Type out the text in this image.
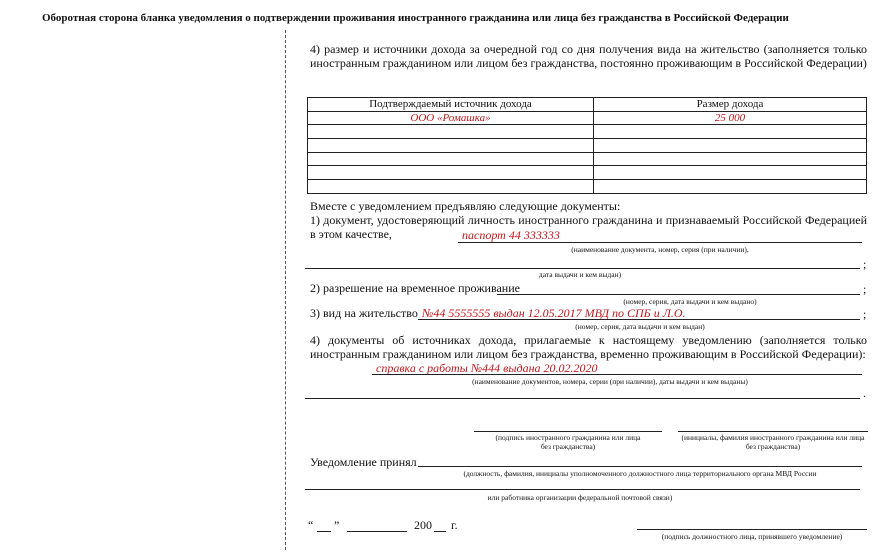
Оборотная сторона бланка уведомления о подтверждении проживания иностранного гражданина или лица без гражданства в Российской Федерации
4) размер и источники дохода за очередной год со дня получения вида на жительство (заполняется только иностранным гражданином или лицом без гражданства, постоянно проживающим в Российской Федерации)
Подтверждаемый источник дохода	Размер дохода
ООО «Ромашка»	25 000

Вместе с уведомлением предъявляю следующие документы:
1) документ, удостоверяющий личность иностранного гражданина и признаваемый Российской Федерацией в этом качестве,	паспорт 44 333333
(наименование документа, номер, серия (при наличии),
;
дата выдачи и кем выдан)
2) разрешение на временное проживание	;
(номер, серия, дата выдачи и кем выдано)
3) вид на жительство №44 5555555 выдан 12.05.2017 МВД по СПБ и Л.О.	;
(номер, серия, дата выдачи и кем выдан)
4) документы об источниках дохода, прилагаемые к настоящему уведомлению (заполняется только иностранным гражданином или лицом без гражданства, временно проживающим в Российской Федерации):
справка с работы №444 выдана 20.02.2020
(наименование документов, номера, серии (при наличии), даты выдачи и кем выданы)
.
(подпись иностранного гражданина или лица без гражданства)
(инициалы, фамилия иностранного гражданина или лица без гражданства)
Уведомление принял
(должность, фамилия, инициалы уполномоченного должностного лица территориального органа МВД России
или работника организации федеральной почтовой связи)
“ ”	200 г.
(подпись должностного лица, принявшего уведомление)
